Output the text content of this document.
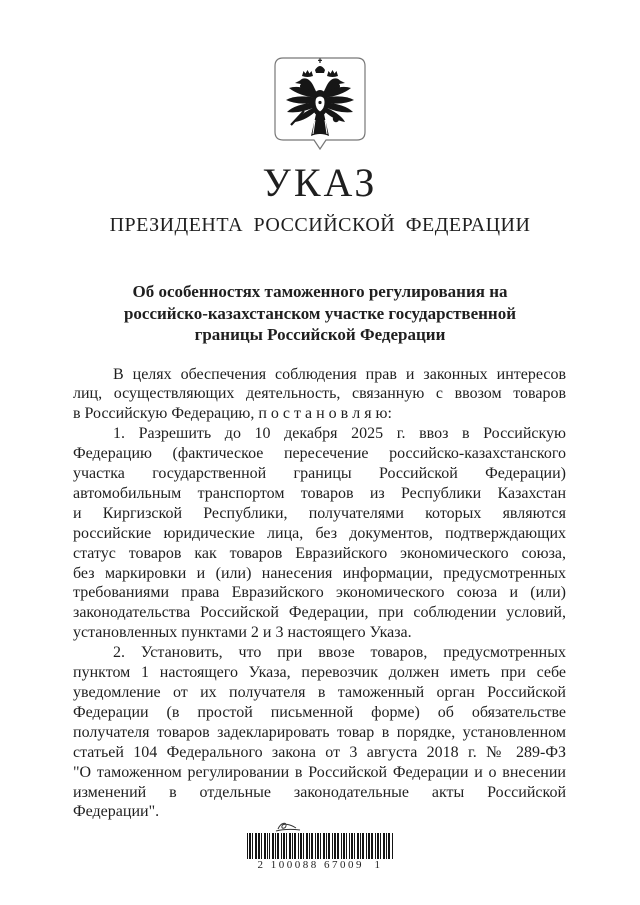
УКАЗ
ПРЕЗИДЕНТА РОССИЙСКОЙ ФЕДЕРАЦИИ
Об особенностях таможенного регулирования на
российско-казахстанском участке государственной
границы Российской Федерации
В целях обеспечения соблюдения прав и законных интересов
лиц, осуществляющих деятельность, связанную с ввозом товаров
в Российскую Федерацию, п о с т а н о в л я ю:
1. Разрешить до 10 декабря 2025 г. ввоз в Российскую
Федерацию (фактическое пересечение российско-казахстанского
участка государственной границы Российской Федерации)
автомобильным транспортом товаров из Республики Казахстан
и Киргизской Республики, получателями которых являются
российские юридические лица, без документов, подтверждающих
статус товаров как товаров Евразийского экономического союза,
без маркировки и (или) нанесения информации, предусмотренных
требованиями права Евразийского экономического союза и (или)
законодательства Российской Федерации, при соблюдении условий,
установленных пунктами 2 и 3 настоящего Указа.
2. Установить, что при ввозе товаров, предусмотренных
пунктом 1 настоящего Указа, перевозчик должен иметь при себе
уведомление от их получателя в таможенный орган Российской
Федерации (в простой письменной форме) об обязательстве
получателя товаров задекларировать товар в порядке, установленном
статьей 104 Федерального закона от 3 августа 2018 г. № 289-ФЗ
"О таможенном регулировании в Российской Федерации и о внесении
изменений в отдельные законодательные акты Российской
Федерации".
2 100088 67009  1
